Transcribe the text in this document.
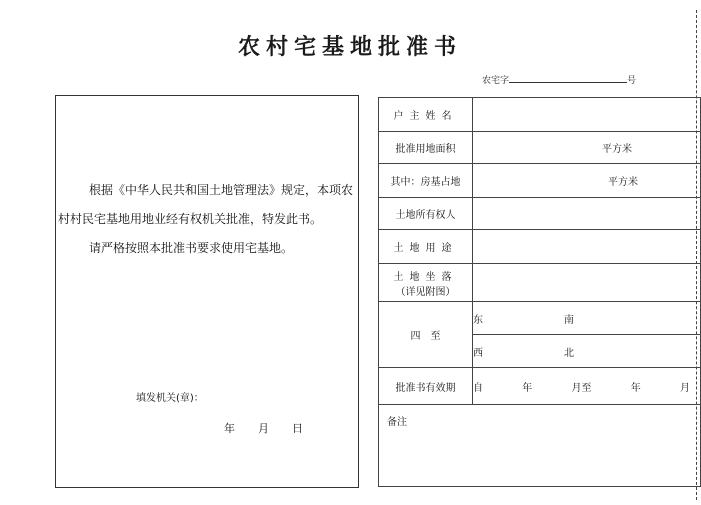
农村宅基地批准书
农宅字	号

根据《中华人民共和国土地管理法》规定，本项农村村民宅基地用地业经有权机关批准，特发此书。

请严格按照本批准书要求使用宅基地。

填发机关(章)：
年 月 日
户主姓名	
批准用地面积	平方米

其中：房基占地	平方米

土地所有权人	
土地用途	

土地坐落
（详见附图）	

四　至	东 南

	西 北

批准书有效期	自 年 月至 年 月

备注	
